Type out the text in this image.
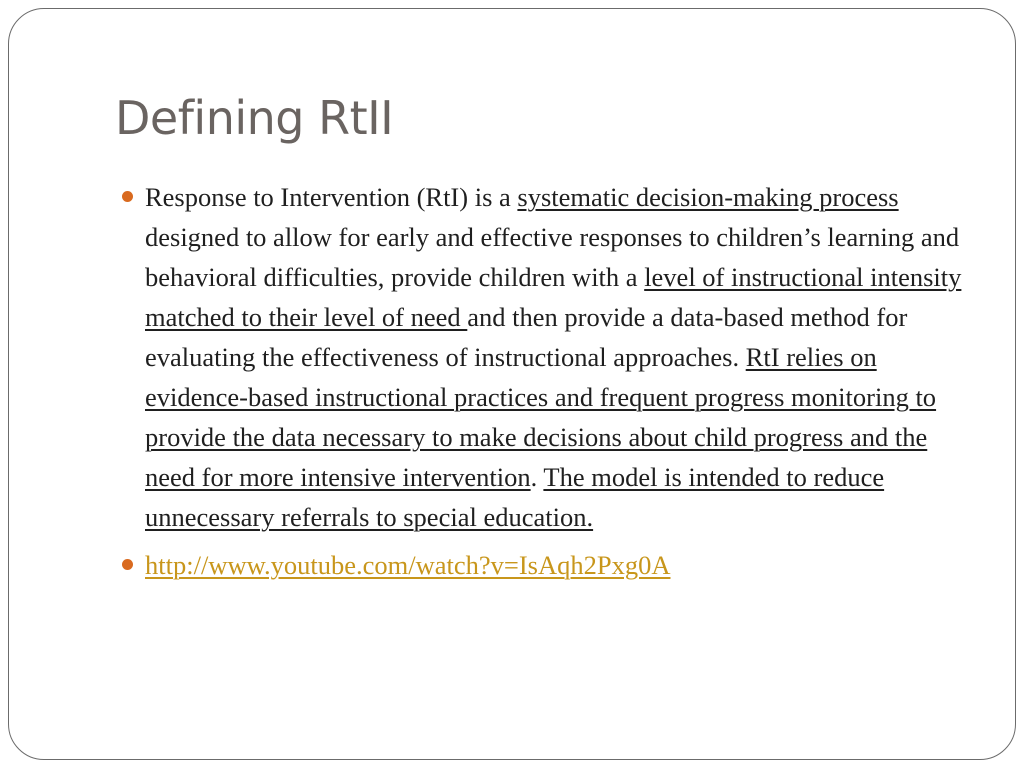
Defining RtII
Response to Intervention (RtI) is a systematic decision-making process designed to allow for early and effective responses to children’s learning and behavioral difficulties, provide children with a level of instructional intensity matched to their level of need and then provide a data-based method for evaluating the effectiveness of instructional approaches. RtI relies on evidence-based instructional practices and frequent progress monitoring to provide the data necessary to make decisions about child progress and the need for more intensive intervention. The model is intended to reduce unnecessary referrals to special education.
http://www.youtube.com/watch?v=IsAqh2Pxg0A
